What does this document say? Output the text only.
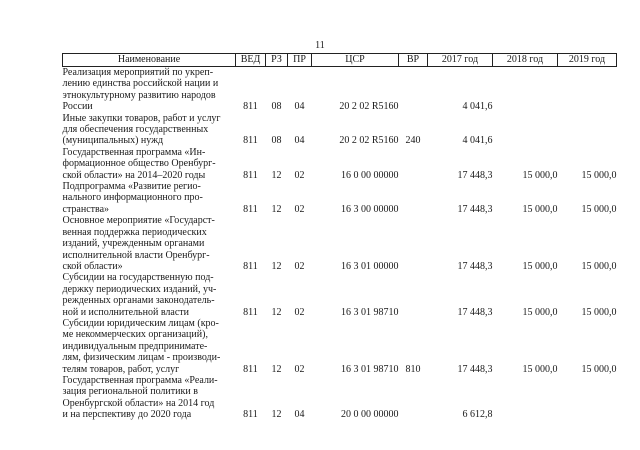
11
Наименование	ВЕД	РЗ	ПР	ЦСР	ВР	2017 год	2018 год	2019 год

Реализация мероприятий по укреп-
лению единства российской нации и
этнокультурному развитию народов
России	811	08	04	20 2 02 R5160		4 041,6		

Иные закупки товаров, работ и услуг
для обеспечения государственных
(муниципальных) нужд	811	08	04	20 2 02 R5160	240	4 041,6		

Государственная программа «Ин-
формационное общество Оренбург-
ской области» на 2014–2020 годы	811	12	02	16 0 00 00000		17 448,3	15 000,0	15 000,0

Подпрограмма «Развитие регио-
нального информационного про-
странства»	811	12	02	16 3 00 00000		17 448,3	15 000,0	15 000,0

Основное мероприятие «Государст-
венная поддержка периодических
изданий, учрежденным органами
исполнительной власти Оренбург-
ской области»	811	12	02	16 3 01 00000		17 448,3	15 000,0	15 000,0

Субсидии на государственную под-
держку периодических изданий, уч-
режденных органами законодатель-
ной и исполнительной власти	811	12	02	16 3 01 98710		17 448,3	15 000,0	15 000,0

Субсидии юридическим лицам (кро-
ме некоммерческих организаций),
индивидуальным предпринимате-
лям, физическим лицам - производи-
телям товаров, работ, услуг	811	12	02	16 3 01 98710	810	17 448,3	15 000,0	15 000,0

Государственная программа «Реали-
зация региональной политики в
Оренбургской области» на 2014 год
и на перспективу до 2020 года	811	12	04	20 0 00 00000		6 612,8		
